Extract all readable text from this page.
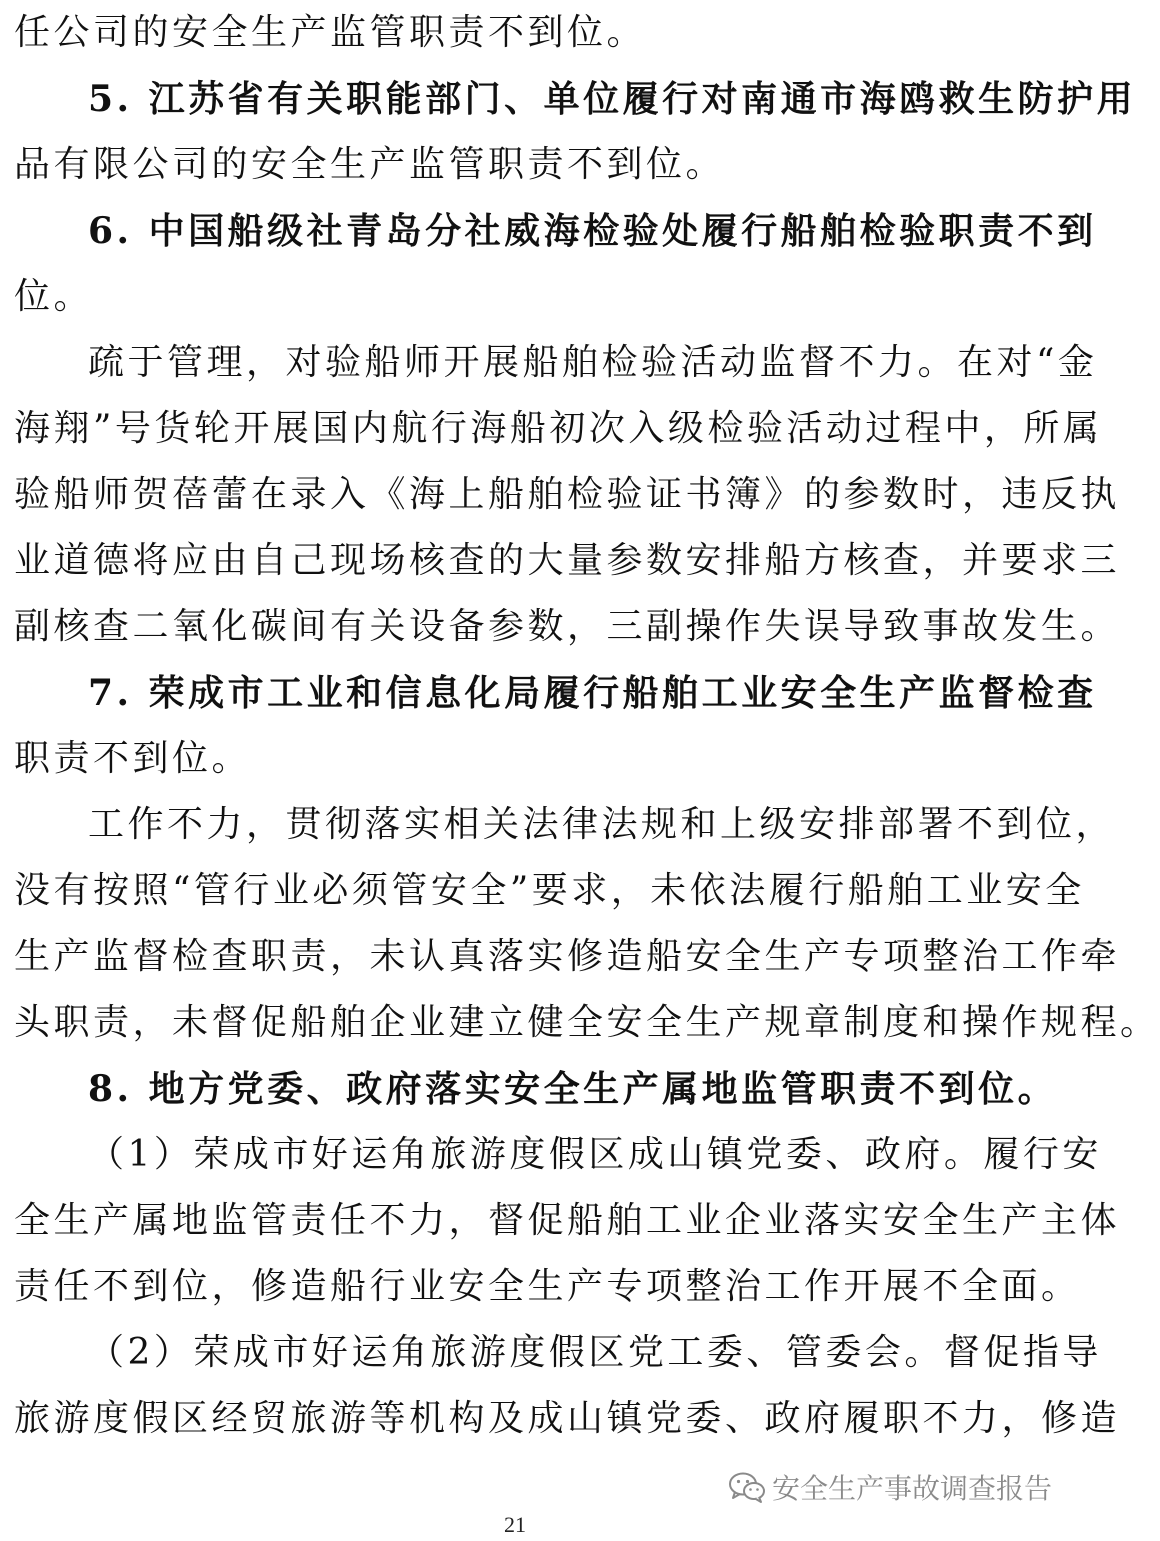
任公司的安全生产监管职责不到位。
5. 江苏省有关职能部门、单位履行对南通市海鸥救生防护用
品有限公司的安全生产监管职责不到位。
6. 中国船级社青岛分社威海检验处履行船舶检验职责不到
位。
疏于管理，对验船师开展船舶检验活动监督不力。在对“金
海翔”号货轮开展国内航行海船初次入级检验活动过程中，所属
验船师贺蓓蕾在录入《海上船舶检验证书簿》的参数时，违反执
业道德将应由自己现场核查的大量参数安排船方核查，并要求三
副核查二氧化碳间有关设备参数，三副操作失误导致事故发生。
7. 荣成市工业和信息化局履行船舶工业安全生产监督检查
职责不到位。
工作不力，贯彻落实相关法律法规和上级安排部署不到位，
没有按照“管行业必须管安全”要求，未依法履行船舶工业安全
生产监督检查职责，未认真落实修造船安全生产专项整治工作牵
头职责，未督促船舶企业建立健全安全生产规章制度和操作规程。
8. 地方党委、政府落实安全生产属地监管职责不到位。
（1）荣成市好运角旅游度假区成山镇党委、政府。履行安
全生产属地监管责任不力，督促船舶工业企业落实安全生产主体
责任不到位，修造船行业安全生产专项整治工作开展不全面。
（2）荣成市好运角旅游度假区党工委、管委会。督促指导
旅游度假区经贸旅游等机构及成山镇党委、政府履职不力，修造
安全生产事故调查报告
21
